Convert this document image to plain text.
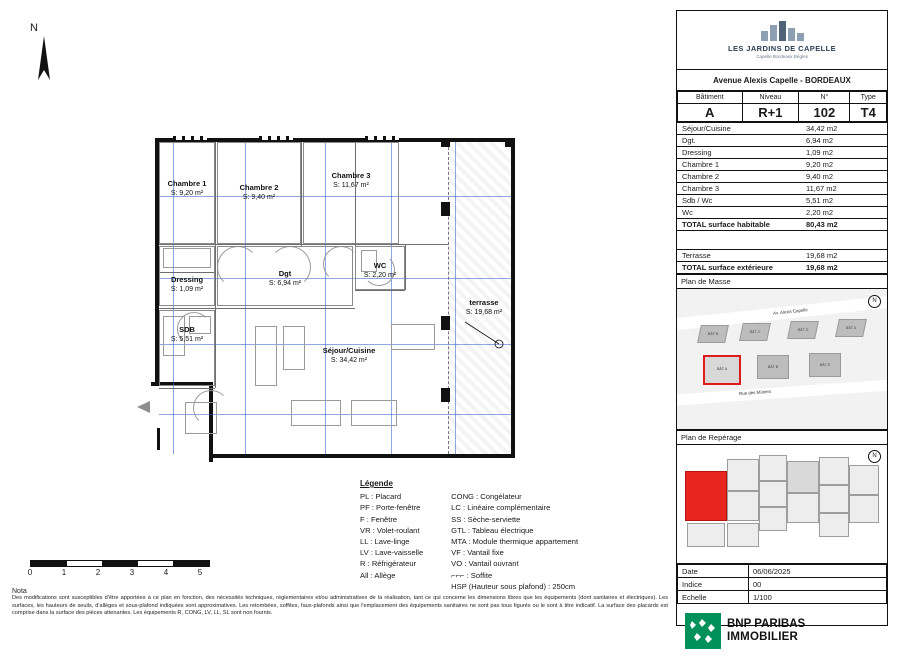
N
Chambre 1
S: 9,20 m²
Chambre 2
S: 9,40 m²
Chambre 3
S: 11,67 m²
Dressing
S: 1,09 m²
Dgt
S: 6,94 m²
WC
S: 2,20 m²
SDB
S: 5,51 m²
Séjour/Cuisine
S: 34,42 m²
terrasse
S: 19,68 m²
0	1	2	3	4	5
Légende
PL : Placard
PF : Porte-fenêtre
F : Fenêtre
VR : Volet-roulant
LL : Lave-linge
LV : Lave-vaisselle
R : Réfrigérateur
All : Allège
CONG : Congélateur
LC : Linéaire complémentaire
SS : Sèche-serviette
GTL : Tableau électrique
MTA : Module thermique appartement
VF : Vantail fixe
VO : Vantail ouvrant
⌐⌐⌐ : Soffite
HSP (Hauteur sous plafond) : 250cm
Nota
Des modifications sont susceptibles d'être apportées à ce plan en fonction, des nécessités techniques, réglementaires et/ou administratives de la réalisation, tant ce qui concerne les dimensions libres que les équipements (dont sanitaires et électriques). Les surfaces, les hauteurs de seuils, d'allèges et sous-plafond indiquées sont approximatives. Les retombées, soffites, faux-plafonds ainsi que l'emplacement des équipements sanitaires ne sont pas tous figurés ou le sont à titre indicatif. La surface des placards est comprise dans la surface des pièces attenantes. Les équipements R, CONG, LV, LL, SL sont non fournis.
LES JARDINS DE CAPELLE
Capelle Bordeaux Bègles
Avenue Alexis Capelle - BORDEAUX
Bâtiment	Niveau	N°	Type
A	R+1	102	T4
Séjour/Cuisine	34,42 m2
Dgt.	6,94 m2
Dressing	1,09 m2
Chambre 1	9,20 m2
Chambre 2	9,40 m2
Chambre 3	11,67 m2
Sdb / Wc	5,51 m2
Wc	2,20 m2
TOTAL surface habitable	80,43 m2
Terrasse	19,68 m2
TOTAL surface extérieure	19,68 m2
Plan de Masse
Av. Alexis Capelle
Rue des Mûriers
BÂT B	BÂT C	BÂT D	BÂT A
BÂT A	BÂT B	BÂT E
N
Plan de Repérage
N
Date	06/06/2025
Indice	00
Echelle	1/100
BNP PARIBAS
IMMOBILIER
